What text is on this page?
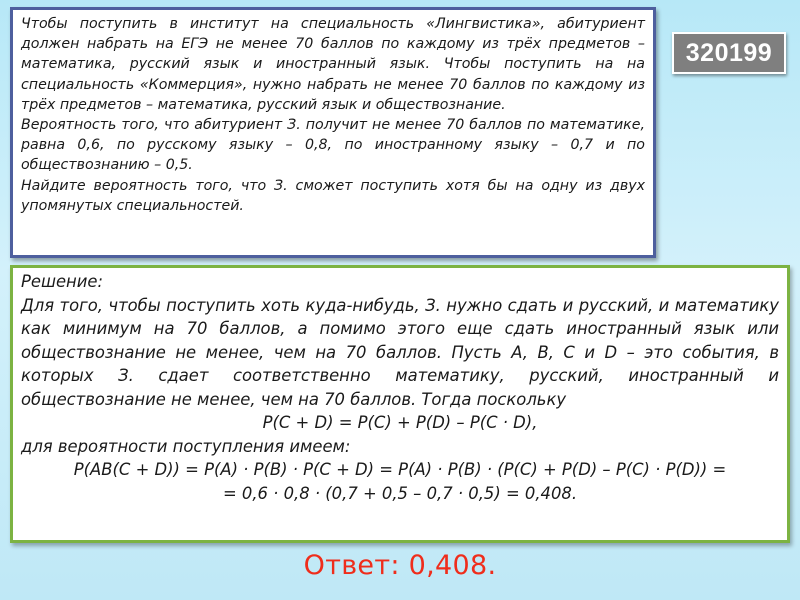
Чтобы поступить в институт на специальность «Лингвистика», абитуриент должен набрать на ЕГЭ не менее 70 баллов по каждому из трёх предметов – математика, русский язык и иностранный язык. Чтобы поступить на на специальность «Коммерция», нужно набрать не менее 70 баллов по каждому из трёх предметов – математика, русский язык и обществознание.

Вероятность того, что абитуриент З. получит не менее 70 баллов по математике, равна 0,6, по русскому языку – 0,8, по иностранному языку – 0,7 и по обществознанию – 0,5.

Найдите вероятность того, что З. сможет поступить хотя бы на одну из двух упомянутых специальностей.

320199

Решение:

Для того, чтобы поступить хоть куда-нибудь, З. нужно сдать и русский, и математику как минимум на 70 баллов, а помимо этого еще сдать иностранный язык или обществознание не менее, чем на 70 баллов. Пусть A, B, C и D – это события, в которых З. сдает соответственно математику, русский, иностранный и обществознание не менее, чем на 70 баллов. Тогда поскольку

P(C + D) = P(C) + P(D) – P(C · D),

для вероятности поступления имеем:

P(AB(C + D)) = P(A) · P(B) · P(C + D) = P(A) · P(B) · (P(C) + P(D) – P(C) · P(D)) =

= 0,6 · 0,8 · (0,7 + 0,5 – 0,7 · 0,5) = 0,408.

Ответ: 0,408.
